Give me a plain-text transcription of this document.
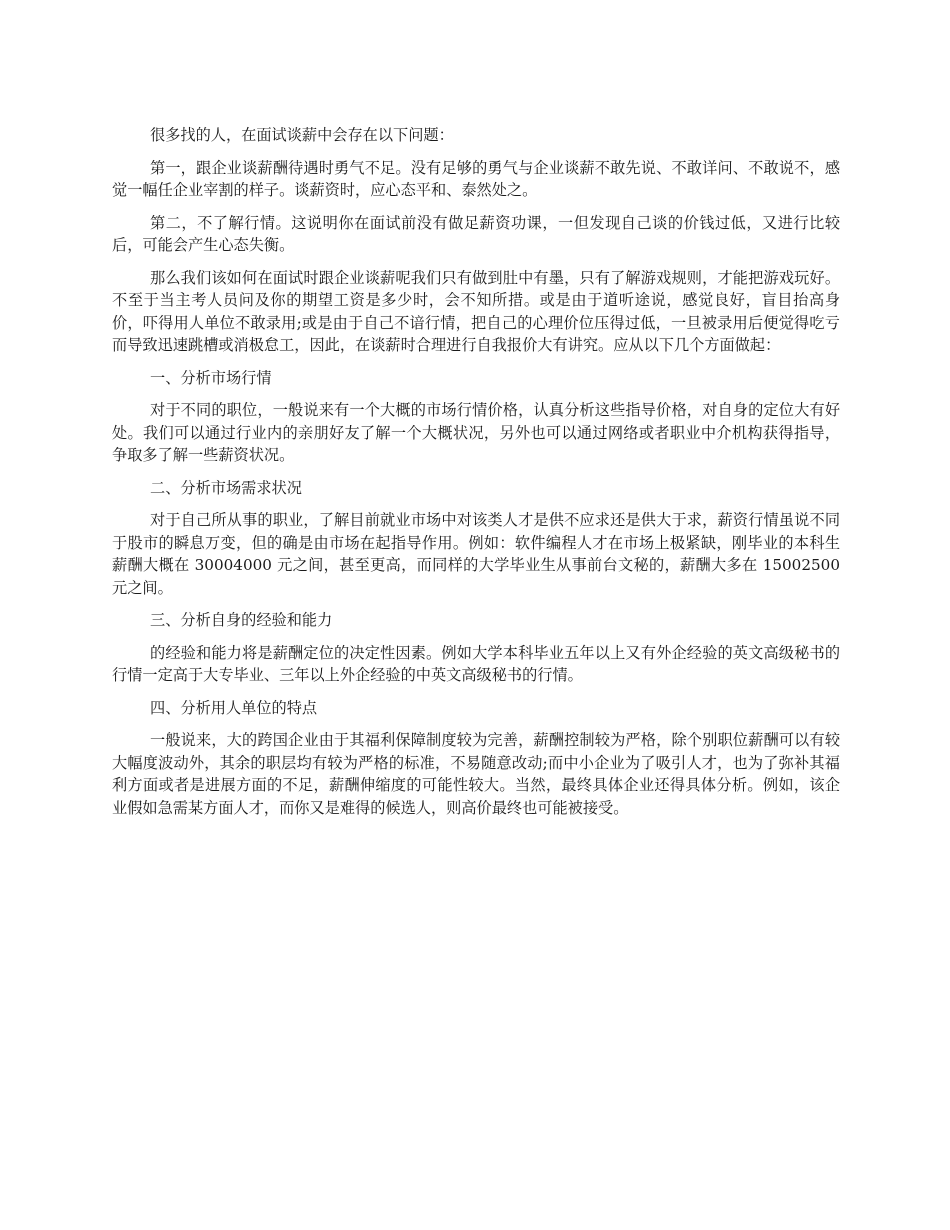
很多找的人，在面试谈薪中会存在以下问题：

第一，跟企业谈薪酬待遇时勇气不足。没有足够的勇气与企业谈薪不敢先说、不敢详问、不敢说不，感觉一幅任企业宰割的样子。谈薪资时，应心态平和、泰然处之。

第二，不了解行情。这说明你在面试前没有做足薪资功课，一但发现自己谈的价钱过低，又进行比较后，可能会产生心态失衡。

那么我们该如何在面试时跟企业谈薪呢我们只有做到肚中有墨，只有了解游戏规则，才能把游戏玩好。不至于当主考人员问及你的期望工资是多少时，会不知所措。或是由于道听途说，感觉良好，盲目抬高身价，吓得用人单位不敢录用;或是由于自己不谙行情，把自己的心理价位压得过低，一旦被录用后便觉得吃亏而导致迅速跳槽或消极怠工，因此，在谈薪时合理进行自我报价大有讲究。应从以下几个方面做起：

一、分析市场行情

对于不同的职位，一般说来有一个大概的市场行情价格，认真分析这些指导价格，对自身的定位大有好处。我们可以通过行业内的亲朋好友了解一个大概状况，另外也可以通过网络或者职业中介机构获得指导，争取多了解一些薪资状况。

二、分析市场需求状况

对于自己所从事的职业，了解目前就业市场中对该类人才是供不应求还是供大于求，薪资行情虽说不同于股市的瞬息万变，但的确是由市场在起指导作用。例如：软件编程人才在市场上极紧缺，刚毕业的本科生薪酬大概在 30004000 元之间，甚至更高，而同样的大学毕业生从事前台文秘的，薪酬大多在 15002500 元之间。

三、分析自身的经验和能力

的经验和能力将是薪酬定位的决定性因素。例如大学本科毕业五年以上又有外企经验的英文高级秘书的行情一定高于大专毕业、三年以上外企经验的中英文高级秘书的行情。

四、分析用人单位的特点

一般说来，大的跨国企业由于其福利保障制度较为完善，薪酬控制较为严格，除个别职位薪酬可以有较大幅度波动外，其余的职层均有较为严格的标准，不易随意改动;而中小企业为了吸引人才，也为了弥补其福利方面或者是进展方面的不足，薪酬伸缩度的可能性较大。当然，最终具体企业还得具体分析。例如，该企业假如急需某方面人才，而你又是难得的候选人，则高价最终也可能被接受。
